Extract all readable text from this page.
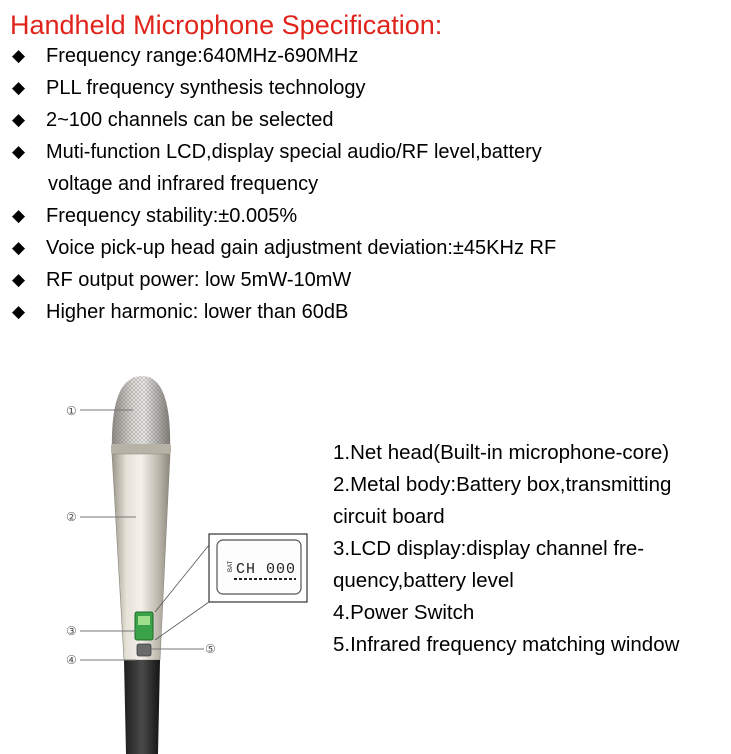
Handheld Microphone Specification:
◆ Frequency range:640MHz-690MHz
◆ PLL frequency synthesis technology
◆ 2~100 channels can be selected
◆ Muti-function LCD,display special audio/RF level,battery
voltage and infrared frequency
◆ Frequency stability:±0.005%
◆ Voice pick-up head gain adjustment deviation:±45KHz RF
◆ RF output power: low 5mW-10mW
◆ Higher harmonic: lower than 60dB
BAT CH 000
①
②
③
④
⑤
1.Net head(Built-in microphone-core)
2.Metal body:Battery box,transmitting
circuit board
3.LCD display:display channel fre-
quency,battery level
4.Power Switch
5.Infrared frequency matching window
